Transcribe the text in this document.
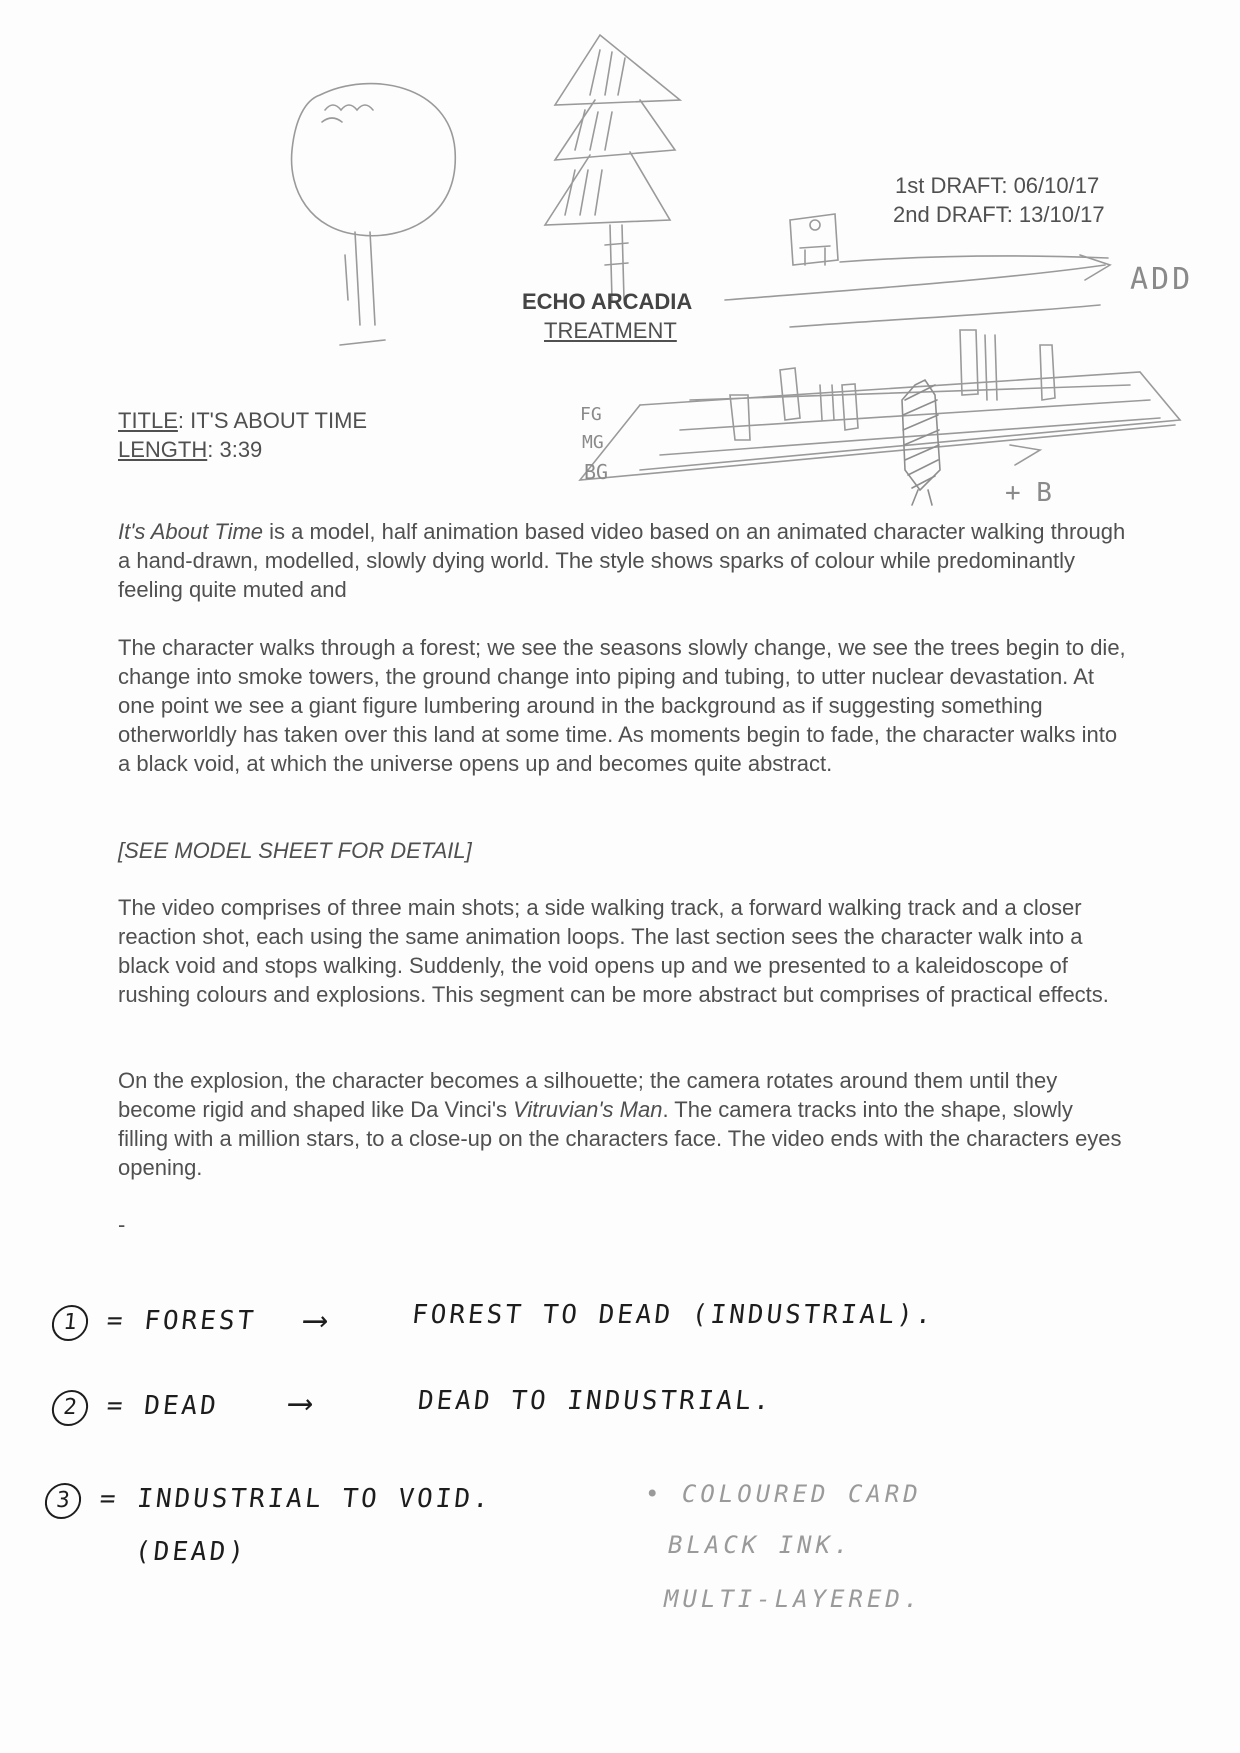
1st DRAFT: 06/10/17
2nd DRAFT: 13/10/17
ADD
FG
MG
BG
+ B
ECHO ARCADIA
TREATMENT
TITLE: IT'S ABOUT TIME
LENGTH: 3:39

It's About Time is a model, half animation based video based on an animated character walking through a hand-drawn, modelled, slowly dying world. The style shows sparks of colour while predominantly feeling quite muted and

The character walks through a forest; we see the seasons slowly change, we see the trees begin to die, change into smoke towers, the ground change into piping and tubing, to utter nuclear devastation. At one point we see a giant figure lumbering around in the background as if suggesting something otherworldly has taken over this land at some time. As moments begin to fade, the character walks into a black void, at which the universe opens up and becomes quite abstract.

[SEE MODEL SHEET FOR DETAIL]

The video comprises of three main shots; a side walking track, a forward walking track and a closer reaction shot, each using the same animation loops. The last section sees the character walk into a black void and stops walking. Suddenly, the void opens up and we presented to a kaleidoscope of rushing colours and explosions. This segment can be more abstract but comprises of practical effects.

On the explosion, the character becomes a silhouette; the camera rotates around them until they become rigid and shaped like Da Vinci's Vitruvian's Man. The camera tracks into the shape, slowly filling with a million stars, to a close-up on the characters face. The video ends with the characters eyes opening.

-
1 = FOREST ⟶	FOREST TO DEAD (INDUSTRIAL).
2 = DEAD ⟶	DEAD TO INDUSTRIAL.
3 = INDUSTRIAL TO VOID.
(DEAD)
• COLOURED CARD
BLACK INK.
MULTI-LAYERED.
